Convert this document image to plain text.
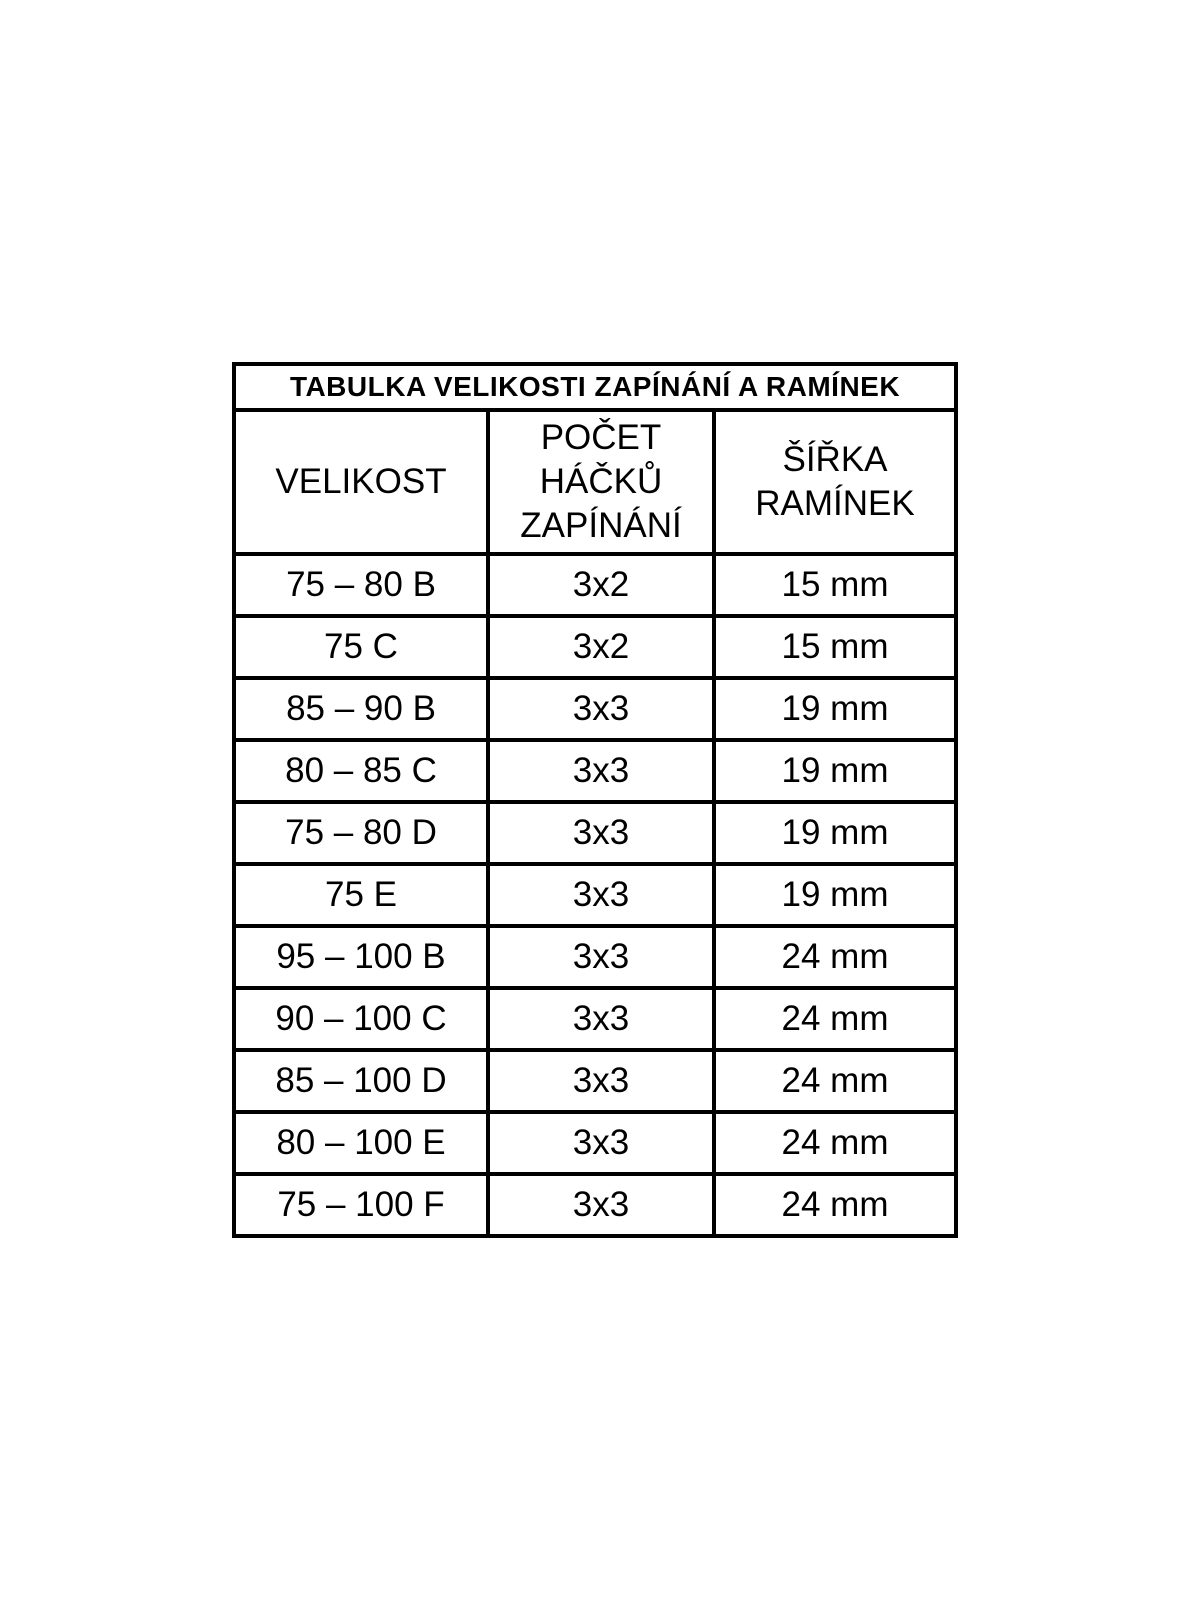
TABULKA VELIKOSTI ZAPÍNÁNÍ A RAMÍNEK		
VELIKOST	POČET HÁČKŮ ZAPÍNÁNÍ	ŠÍŘKA RAMÍNEK
75 – 80 B	3x2	15 mm
75 C	3x2	15 mm
85 – 90 B	3x3	19 mm
80 – 85 C	3x3	19 mm
75 – 80 D	3x3	19 mm
75 E	3x3	19 mm
95 – 100 B	3x3	24 mm
90 – 100 C	3x3	24 mm
85 – 100 D	3x3	24 mm
80 – 100 E	3x3	24 mm
75 – 100 F	3x3	24 mm
